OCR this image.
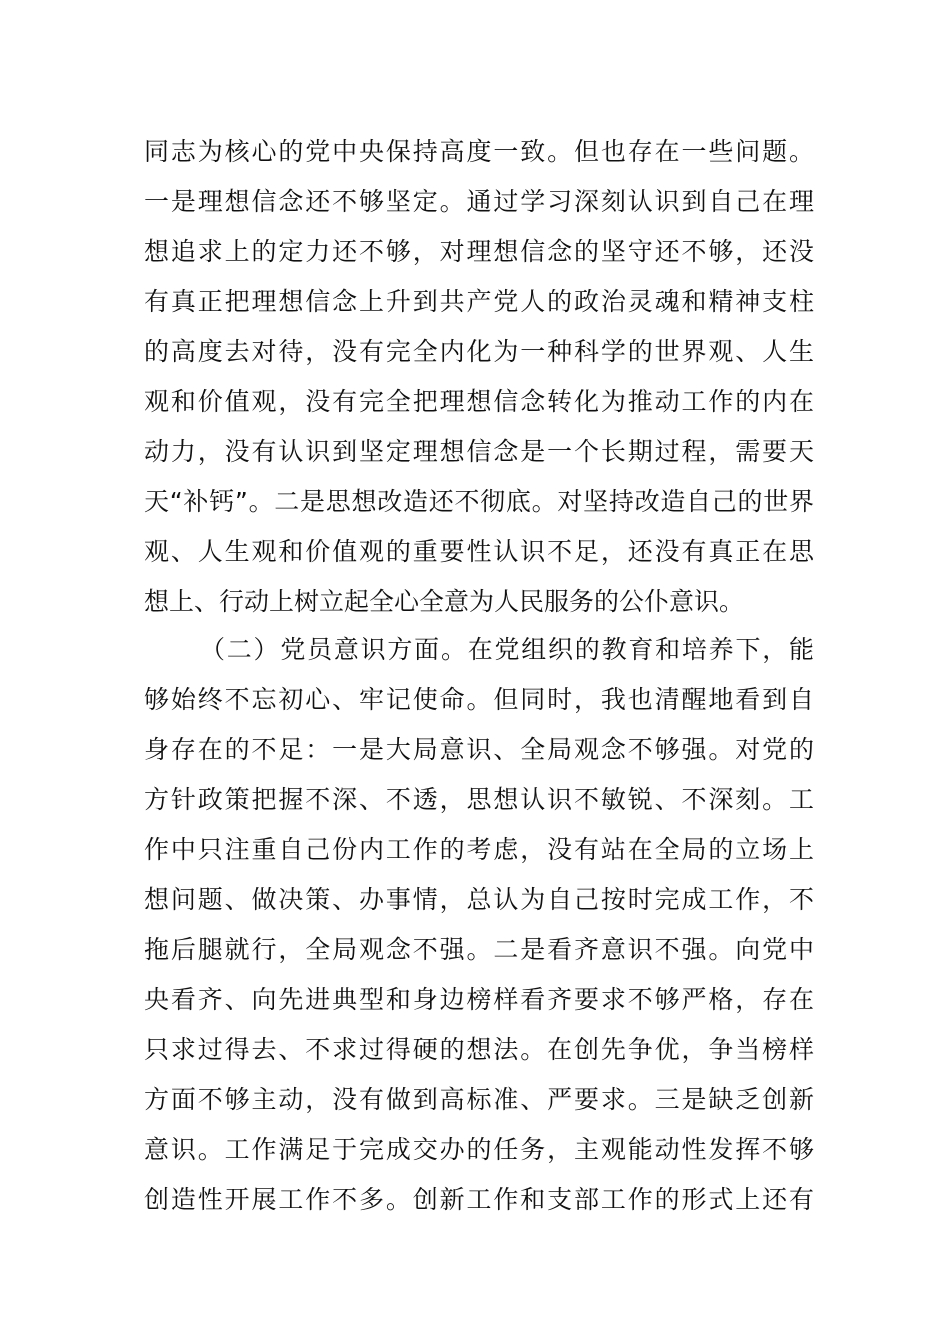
同志为核心的党中央保持高度一致。但也存在一些问题。
一是理想信念还不够坚定。通过学习深刻认识到自己在理
想追求上的定力还不够，对理想信念的坚守还不够，还没
有真正把理想信念上升到共产党人的政治灵魂和精神支柱
的高度去对待，没有完全内化为一种科学的世界观、人生
观和价值观，没有完全把理想信念转化为推动工作的内在
动力，没有认识到坚定理想信念是一个长期过程，需要天
天“补钙”。二是思想改造还不彻底。对坚持改造自己的世界
观、人生观和价值观的重要性认识不足，还没有真正在思
想上、行动上树立起全心全意为人民服务的公仆意识。
（二）党员意识方面。在党组织的教育和培养下，能
够始终不忘初心、牢记使命。但同时，我也清醒地看到自
身存在的不足：一是大局意识、全局观念不够强。对党的
方针政策把握不深、不透，思想认识不敏锐、不深刻。工
作中只注重自己份内工作的考虑，没有站在全局的立场上
想问题、做决策、办事情，总认为自己按时完成工作，不
拖后腿就行，全局观念不强。二是看齐意识不强。向党中
央看齐、向先进典型和身边榜样看齐要求不够严格，存在
只求过得去、不求过得硬的想法。在创先争优，争当榜样
方面不够主动，没有做到高标准、严要求。三是缺乏创新
意识。工作满足于完成交办的任务，主观能动性发挥不够
创造性开展工作不多。创新工作和支部工作的形式上还有
